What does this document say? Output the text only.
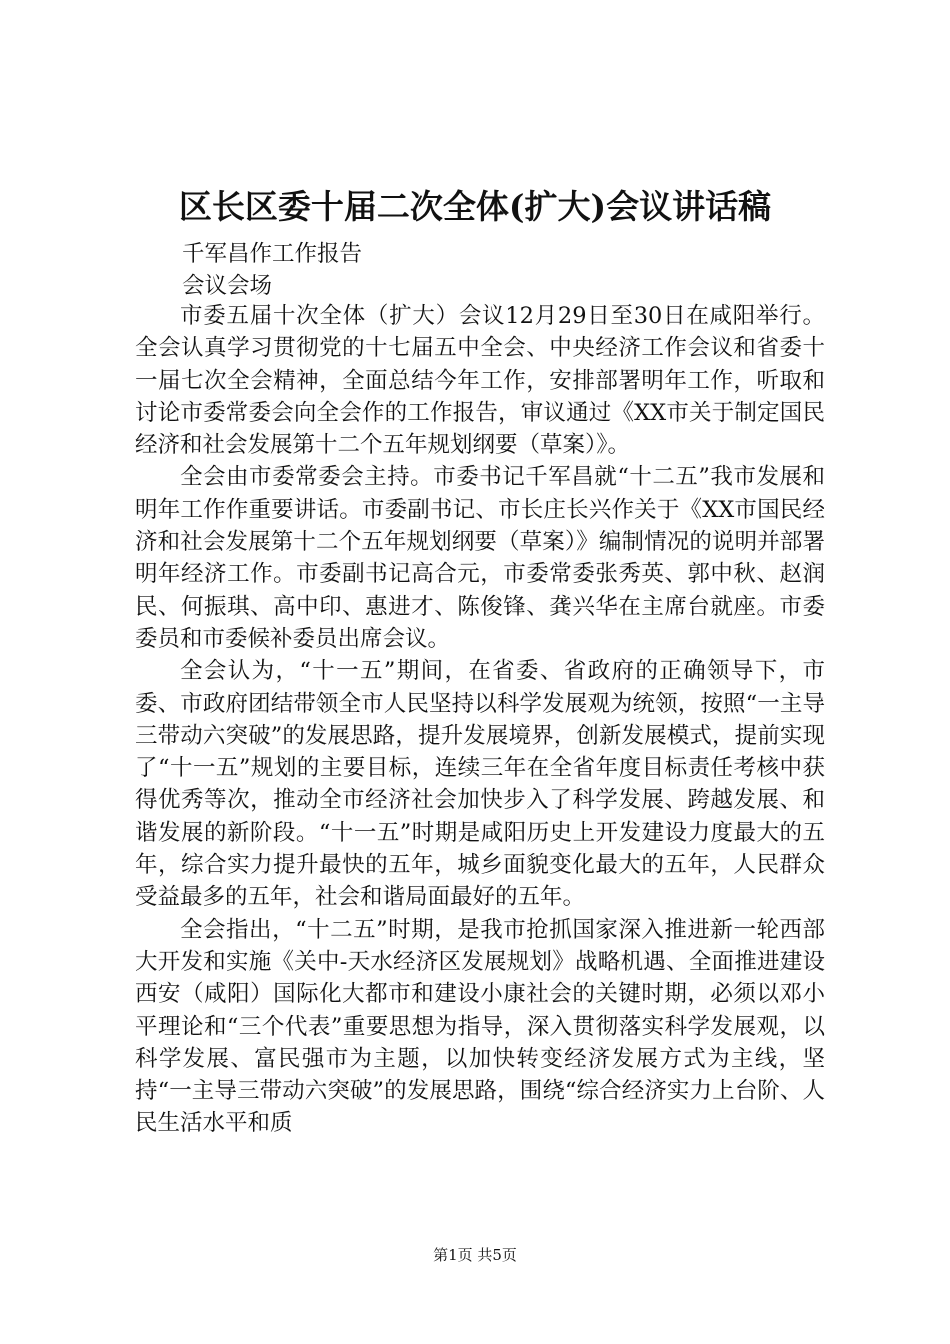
区长区委十届二次全体(扩大)会议讲话稿
千军昌作工作报告
会议会场

市委五届十次全体（扩大）会议12月29日至30日在咸阳举行。全会认真学习贯彻党的十七届五中全会、中央经济工作会议和省委十一届七次全会精神，全面总结今年工作，安排部署明年工作，听取和讨论市委常委会向全会作的工作报告，审议通过《XX市关于制定国民经济和社会发展第十二个五年规划纲要（草案）》。

全会由市委常委会主持。市委书记千军昌就“十二五”我市发展和明年工作作重要讲话。市委副书记、市长庄长兴作关于《XX市国民经济和社会发展第十二个五年规划纲要（草案）》编制情况的说明并部署明年经济工作。市委副书记高合元，市委常委张秀英、郭中秋、赵润民、何振琪、高中印、惠进才、陈俊锋、龚兴华在主席台就座。市委委员和市委候补委员出席会议。

全会认为，“十一五”期间，在省委、省政府的正确领导下，市委、市政府团结带领全市人民坚持以科学发展观为统领，按照“一主导三带动六突破”的发展思路，提升发展境界，创新发展模式，提前实现了“十一五”规划的主要目标，连续三年在全省年度目标责任考核中获得优秀等次，推动全市经济社会加快步入了科学发展、跨越发展、和谐发展的新阶段。“十一五”时期是咸阳历史上开发建设力度最大的五年，综合实力提升最快的五年，城乡面貌变化最大的五年，人民群众受益最多的五年，社会和谐局面最好的五年。

全会指出，“十二五”时期，是我市抢抓国家深入推进新一轮西部大开发和实施《关中-天水经济区发展规划》战略机遇、全面推进建设西安（咸阳）国际化大都市和建设小康社会的关键时期，必须以邓小平理论和“三个代表”重要思想为指导，深入贯彻落实科学发展观，以科学发展、富民强市为主题，以加快转变经济发展方式为主线，坚持“一主导三带动六突破”的发展思路，围绕“综合经济实力上台阶、人民生活水平和质

第1页 共5页
